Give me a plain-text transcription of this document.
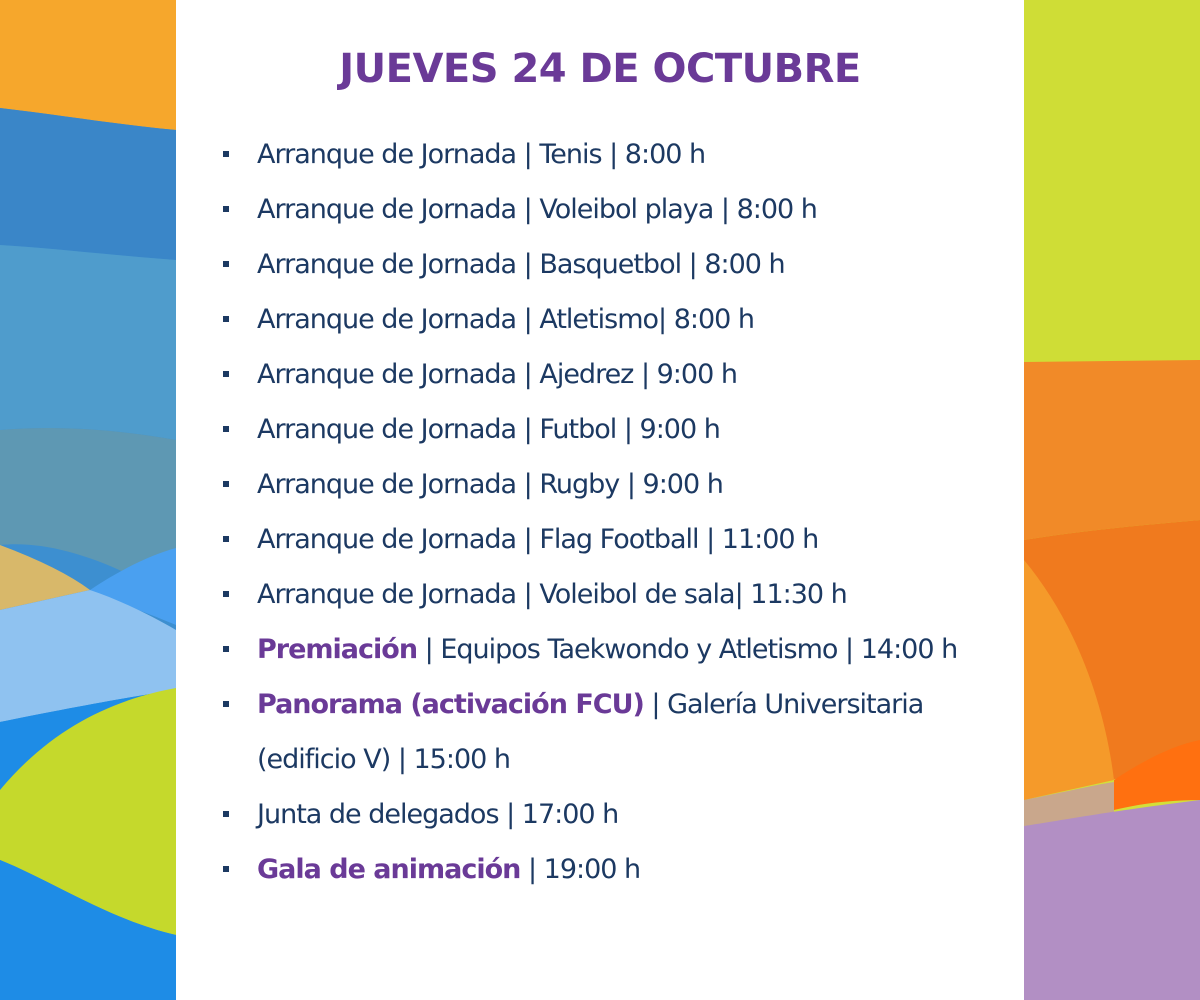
JUEVES 24 DE OCTUBRE
Arranque de Jornada | Tenis | 8:00 h
Arranque de Jornada | Voleibol playa | 8:00 h
Arranque de Jornada | Basquetbol | 8:00 h
Arranque de Jornada | Atletismo| 8:00 h
Arranque de Jornada | Ajedrez | 9:00 h
Arranque de Jornada | Futbol | 9:00 h
Arranque de Jornada | Rugby | 9:00 h
Arranque de Jornada | Flag Football | 11:00 h
Arranque de Jornada | Voleibol de sala| 11:30 h
Premiación | Equipos Taekwondo y Atletismo | 14:00 h
Panorama (activación FCU) | Galería Universitaria (edificio V) | 15:00 h
Junta de delegados | 17:00 h
Gala de animación | 19:00 h
